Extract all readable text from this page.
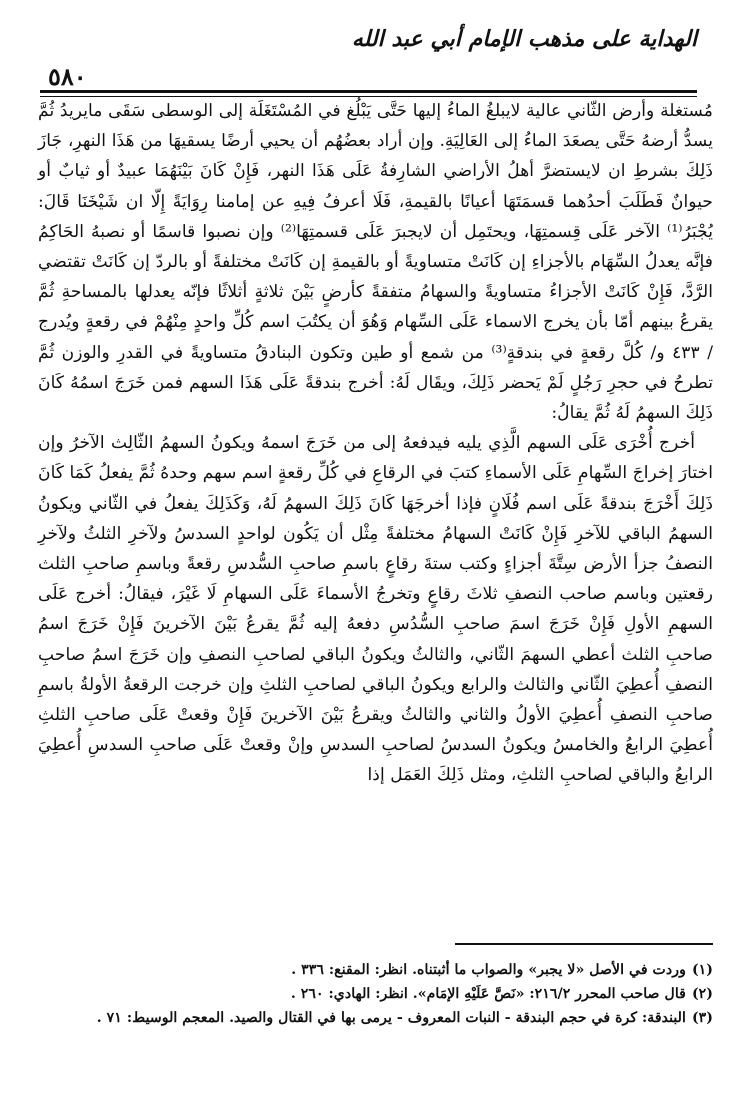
الهداية على مذهب الإمام أبي عبد الله
٥٨٠

مُستغلة وأرض الثّاني عالية لايبلغُ الماءُ إليها حَتَّى يَبْلُغ في المُسْتَغَلَة إلى الوسطى سَقَى مايريدُ ثُمَّ يسدُّ أرضهُ حَتَّى يصعَدَ الماءُ إلى العَالِيَةِ. وإن أراد بعضُهُم أن يحيي أرضًا يسقيهَا من هَذَا النهرِ، جَازَ ذَلِكَ بشرطِ ان لايستضرَّ أهلُ الأراضي الشارِفةُ عَلَى هَذَا النهر، فَإِنْ كَانَ بَيْنَهُمَا عبيدٌ أو ثيابٌ أو حيوانٌ فَطَلَبَ أحدُهما قسمَتَهَا أعيانًا بالقيمةِ، فَلَا أعرفُ فِيهِ عن إمامنا رِوَايَةً إِلّا ان شَيْخَنَا قَالَ: يُجْبَرُ⁽¹⁾ الآخر عَلَى قِسمتِهَا، ويحتَمِل أن لايجبرَ عَلَى قسمتِهَا⁽²⁾ وإن نصبوا قاسمًا أو نصبهُ الحَاكِمُ فإنَّه يعدلُ السِّهَام بالأجزاءِ إن كَانَتْ متساويةً أو بالقيمةِ إن كَانَتْ مختلفةً أو بالردّ إن كَانَتْ تقتضي الرَّدَّ، فَإِنْ كَانَتْ الأجزاءُ متساويةً والسهامُ متفقةً كأرضٍ بَيْنَ ثلاثةٍ أثلاثًا فإنّه يعدلها بالمساحةِ ثُمَّ يقرعُ بينهم أمّا بأن يخرج الاسماء عَلَى السِّهام وَهُوَ أن يكتُبَ اسم كُلِّ واحدٍ مِنْهُمْ في رقعةٍ ويُدرج / ٤٣٣ و/ كُلَّ رقعةٍ في بندقةٍ⁽³⁾ من شمع أو طين وتكون البنادقُ متساويةً في القدرِ والوزن ثُمَّ تطرحُ في حجرِ رَجُلٍ لَمْ يَحضر ذَلِكَ، ويقَال لَهُ: أخرج بندقةً عَلَى هَذَا السهم فمن خَرَجَ اسمُهُ كَانَ ذَلِكَ السهمُ لَهُ ثُمَّ يقالُ:

أخرج أُخْرَى عَلَى السهم الَّذِي يليه فيدفعهُ إلى من خَرَجَ اسمهُ ويكونُ السهمُ الثّالِث الآخرُ وإن اختارَ إخراجَ السِّهامِ عَلَى الأسماءِ كتبَ في الرقاعِ في كُلِّ رقعةٍ اسم سهم وحدهُ ثُمَّ يفعلُ كَمَا كَانَ ذَلِكَ أَخْرَجَ بندقةً عَلَى اسم فُلَانٍ فإذا أخرجَهَا كَانَ ذَلِكَ السهمُ لَهُ، وَكَذَلِكَ يفعلُ في الثّاني ويكونُ السهمُ الباقي للآخرِ فَإِنْ كَانَتْ السهامُ مختلفةً مِثْل أن يَكُون لواحدٍ السدسُ ولآخرِ الثلثُ ولآخرِ النصفُ جزأ الأرض سِتَّةَ أجزاءٍ وكتب ستةَ رقاعٍ باسمِ صاحبِ السُّدسِ رقعةً وباسمِ صاحبِ الثلث رقعتين وباسم صاحب النصفِ ثلاثَ رقاعٍ وتخرجُ الأسماءَ عَلَى السهامِ لَا غَيْرَ، فيقالُ: أخرج عَلَى السهمِ الأولِ فَإِنْ خَرَجَ اسمَ صاحبِ السُّدُسِ دفعهُ إليه ثُمَّ يقرعُ بَيْنَ الآخرينَ فَإِنْ خَرَجَ اسمُ صاحبِ الثلث أعطي السهمَ الثّاني، والثالثُ ويكونُ الباقي لصاحبِ النصفِ وإن خَرَجَ اسمُ صاحبِ النصفِ أُعطِيَ الثّاني والثالث والرابع ويكونُ الباقي لصاحبِ الثلثِ وإن خرجت الرقعةُ الأولةُ باسمِ صاحبِ النصفِ أُعطِيَ الأولُ والثاني والثالثُ ويقرعُ بَيْنَ الآخرينَ فَإِنْ وقعتْ عَلَى صاحبِ الثلثِ أُعطِيَ الرابعُ والخامسُ ويكونُ السدسُ لصاحبِ السدسِ وإنْ وقعتْ عَلَى صاحبِ السدسِ أُعطِيَ الرابعُ والباقي لصاحبِ الثلثِ، ومثل ذَلِكَ العَمَل إذا

(١)وردت في الأصل «لا يجبر» والصواب ما أثبتناه. انظر: المقنع: ٣٣٦ .

(٢)قال صاحب المحرر ٢١٦/٢: «نَصَّ عَلَيْهِ الإمَام». انظر: الهادي: ٢٦٠ .

(٣)البندقة: كرة في حجم البندقة - النبات المعروف - يرمى بها في القتال والصيد. المعجم الوسيط: ٧١ .
